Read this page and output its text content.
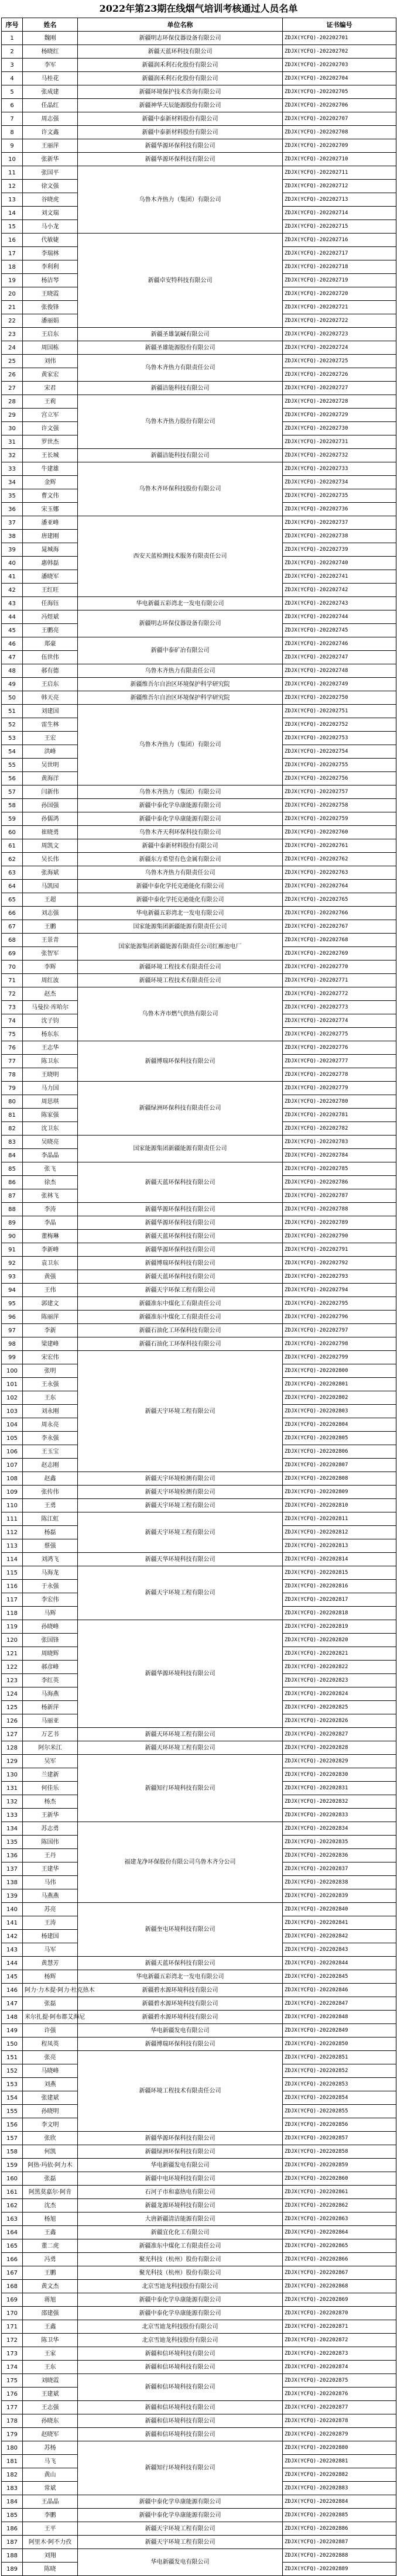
2022年第23期在线烟气培训考核通过人员名单
序号	姓名	单位名称	证书编号
1	魏刚	新疆明志环保仪器设备有限公司	ZDJX(YCFQ)-202202701
2	杨晓红	新疆天蓝环科技有限公司	ZDJX(YCFQ)-202202702
3	李军	新疆润禾利石化股份有限公司	ZDJX(YCFQ)-202202703
4	马桂花	新疆润禾利石化股份有限公司	ZDJX(YCFQ)-202202704
5	张成建	新疆环境保护技术咨询有限公司	ZDJX(YCFQ)-202202705
6	任晶红	新疆神华天辰能源股份有限公司	ZDJX(YCFQ)-202202706
7	周志强	新疆中泰新材料股份有限公司	ZDJX(YCFQ)-202202707
8	许文鑫	新疆中泰新材料股份有限公司	ZDJX(YCFQ)-202202708
9	王丽萍	新疆华源环保科技有限公司	ZDJX(YCFQ)-202202709
10	张新华	新疆华源环保科技有限公司	ZDJX(YCFQ)-202202710
11	张国平	乌鲁木齐热力（集团）有限公司	ZDJX(YCFQ)-202202711
12	徐文强		ZDJX(YCFQ)-202202712
13	谷晓虎		ZDJX(YCFQ)-202202713
14	刘文瑞		ZDJX(YCFQ)-202202714
15	马小龙		ZDJX(YCFQ)-202202715
16	代敏婕	新疆卓安特科技有限公司	ZDJX(YCFQ)-202202716
17	李瑞林		ZDJX(YCFQ)-202202717
18	李利利		ZDJX(YCFQ)-202202718
19	杨洁琴		ZDJX(YCFQ)-202202719
20	王晓霞		ZDJX(YCFQ)-202202720
21	张俊锋		ZDJX(YCFQ)-202202721
22	潘丽娟		ZDJX(YCFQ)-202202722
23	王启东	新疆圣雄氯碱有限公司	ZDJX(YCFQ)-202202723
24	周国栋	新疆圣雄能源股份有限公司	ZDJX(YCFQ)-202202724
25	刘伟	乌鲁木齐热力有限责任公司	ZDJX(YCFQ)-202202725
26	黄家宏		ZDJX(YCFQ)-202202726
27	宋君	新疆洁能科技有限公司	ZDJX(YCFQ)-202202727
28	王莉	乌鲁木齐热力股份有限公司	ZDJX(YCFQ)-202202728
29	宫立军		ZDJX(YCFQ)-202202729
30	许文强		ZDJX(YCFQ)-202202730
31	罗世杰		ZDJX(YCFQ)-202202731
32	王长城	新疆洁能科技有限公司	ZDJX(YCFQ)-202202732
33	牛建雄	乌鲁木齐环保科技股份有限公司	ZDJX(YCFQ)-202202733
34	金辉		ZDJX(YCFQ)-202202734
35	曹文伟		ZDJX(YCFQ)-202202735
36	宋玉娜		ZDJX(YCFQ)-202202736
37	潘亚峰	西安天蓝检测技术服务有限责任公司	ZDJX(YCFQ)-202202737
38	唐建刚		ZDJX(YCFQ)-202202738
39	晁城海		ZDJX(YCFQ)-202202739
40	惠韩磊		ZDJX(YCFQ)-202202740
41	潘晓军		ZDJX(YCFQ)-202202741
42	王红旺		ZDJX(YCFQ)-202202742
43	任海钰	华电新疆五彩湾北一发电有限公司	ZDJX(YCFQ)-202202743
44	冯煜斌	新疆明志环保仪器设备有限公司	ZDJX(YCFQ)-202202744
45	王鹏亮		ZDJX(YCFQ)-202202745
46	郑豪	新疆中泰矿冶有限公司	ZDJX(YCFQ)-202202746
47	伍世伟		ZDJX(YCFQ)-202202747
48	郝有德	乌鲁木齐热力有限责任公司	ZDJX(YCFQ)-202202748
49	王启东	新疆维吾尔自治区环境保护科学研究院	ZDJX(YCFQ)-202202749
50	韩天亮	新疆维吾尔自治区环境保护科学研究院	ZDJX(YCFQ)-202202750
51	刘建国	乌鲁木齐热力（集团）有限公司	ZDJX(YCFQ)-202202751
52	雷生林		ZDJX(YCFQ)-202202752
53	王宏		ZDJX(YCFQ)-202202753
54	洪峰		ZDJX(YCFQ)-202202754
55	吴世明		ZDJX(YCFQ)-202202755
56	黄海洋		ZDJX(YCFQ)-202202756
57	闫新伟	乌鲁木齐热力（集团）有限公司	ZDJX(YCFQ)-202202757
58	孙国强	新疆中泰化学阜康能源有限公司	ZDJX(YCFQ)-202202758
59	孙儒鸿	新疆中泰化学阜康能源有限公司	ZDJX(YCFQ)-202202759
60	崔晓勇	乌鲁木齐天利环保科技有限公司	ZDJX(YCFQ)-202202760
61	周凯文	新疆中泰新材料股份有限公司	ZDJX(YCFQ)-202202761
62	吴长伟	新疆东方希望有色金属有限公司	ZDJX(YCFQ)-202202762
63	张海斌	乌鲁木齐热力有限责任公司	ZDJX(YCFQ)-202202763
64	马凯园	新疆中泰化学托克逊能化有限公司	ZDJX(YCFQ)-202202764
65	王超	新疆中泰化学托克逊能化有限公司	ZDJX(YCFQ)-202202765
66	刘志强	华电新疆五彩湾北一发电有限公司	ZDJX(YCFQ)-202202766
67	王鹏	国家能源集团新疆能源有限责任公司	ZDJX(YCFQ)-202202767
68	王景青	国家能源集团新疆能源有限责任公司红雁池电厂	ZDJX(YCFQ)-202202768
69	张智军		ZDJX(YCFQ)-202202769
70	李辉	新疆环境工程技术有限责任公司	ZDJX(YCFQ)-202202770
71	周红波	新疆环境工程技术有限责任公司	ZDJX(YCFQ)-202202771
72	赵杰	乌鲁木齐市燃气供热有限公司	ZDJX(YCFQ)-202202772
73	马曼拉·库哈尔		ZDJX(YCFQ)-202202773
74	沈子钧		ZDJX(YCFQ)-202202774
75	杨东东		ZDJX(YCFQ)-202202775
76	王志华	新疆博瑞环保科技有限公司	ZDJX(YCFQ)-202202776
77	陈卫东		ZDJX(YCFQ)-202202777
78	王晓明		ZDJX(YCFQ)-202202778
79	马力国	新疆绿洲环保科技有限责任公司	ZDJX(YCFQ)-202202779
80	周思琪		ZDJX(YCFQ)-202202780
81	陈家强		ZDJX(YCFQ)-202202781
82	沈卫东		ZDJX(YCFQ)-202202782
83	吴晓亮	国家能源集团新疆能源有限责任公司	ZDJX(YCFQ)-202202783
84	李晶晶		ZDJX(YCFQ)-202202784
85	张飞	新疆天蓝环保科技有限公司	ZDJX(YCFQ)-202202785
86	徐杰		ZDJX(YCFQ)-202202786
87	张林飞		ZDJX(YCFQ)-202202787
88	李涛	新疆华源环保科技有限公司	ZDJX(YCFQ)-202202788
89	李晶	新疆华源环保科技有限公司	ZDJX(YCFQ)-202202789
90	董梅琳	新疆天蓝环保科技有限公司	ZDJX(YCFQ)-202202790
91	李新峰	新疆华源环保科技有限公司	ZDJX(YCFQ)-202202791
92	袁卫东	新疆博瑞环保科技有限公司	ZDJX(YCFQ)-202202792
93	黄强	新疆天蓝环保科技有限公司	ZDJX(YCFQ)-202202793
94	王伟	新疆天宇环保工程有限公司	ZDJX(YCFQ)-202202794
95	郭建文	新疆准东中煤化工有限责任公司	ZDJX(YCFQ)-202202795
96	陈丽萍	新疆准东中煤化工有限责任公司	ZDJX(YCFQ)-202202796
97	李新	新疆石油化工环保科技有限公司	ZDJX(YCFQ)-202202797
98	梁建峰	新疆石油化工环保科技有限公司	ZDJX(YCFQ)-202202798
99	宋宏伟	新疆天宇环境工程有限公司	ZDJX(YCFQ)-202202799
100	张明		ZDJX(YCFQ)-202202800
101	王永强		ZDJX(YCFQ)-202202801
102	王东		ZDJX(YCFQ)-202202802
103	刘永刚		ZDJX(YCFQ)-202202803
104	周永亮		ZDJX(YCFQ)-202202804
105	李永强		ZDJX(YCFQ)-202202805
106	王玉宝		ZDJX(YCFQ)-202202806
107	赵志刚		ZDJX(YCFQ)-202202807
108	赵鑫	新疆天宇环境检测有限公司	ZDJX(YCFQ)-202202808
109	张传伟	新疆天宇环境检测有限公司	ZDJX(YCFQ)-202202809
110	王勇	新疆天宇环境工程有限公司	ZDJX(YCFQ)-202202810
111	陈江虹	新疆天宇环境工程有限公司	ZDJX(YCFQ)-202202811
112	杨磊		ZDJX(YCFQ)-202202812
113	蔡强		ZDJX(YCFQ)-202202813
114	刘鸿飞	新疆天华环境科技有限公司	ZDJX(YCFQ)-202202814
115	马海龙	新疆天宇环境工程有限公司	ZDJX(YCFQ)-202202815
116	于永强		ZDJX(YCFQ)-202202816
117	李宏伟		ZDJX(YCFQ)-202202817
118	马辉		ZDJX(YCFQ)-202202818
119	孙晓峰	新疆华源环境科技有限公司	ZDJX(YCFQ)-202202819
120	张国锋		ZDJX(YCFQ)-202202820
121	周晓辉		ZDJX(YCFQ)-202202821
122	郝彦峰		ZDJX(YCFQ)-202202822
123	李红英		ZDJX(YCFQ)-202202823
124	马海燕		ZDJX(YCFQ)-202202824
125	杨新萍		ZDJX(YCFQ)-202202825
126	马丽亚		ZDJX(YCFQ)-202202826
127	万艺书	新疆天环环境工程有限公司	ZDJX(YCFQ)-202202827
128	阿尔米江	新疆天环环境工程有限公司	ZDJX(YCFQ)-202202828
129	吴军	新疆知行环境科技有限公司	ZDJX(YCFQ)-202202829
130	兰建新		ZDJX(YCFQ)-202202830
131	何佳乐		ZDJX(YCFQ)-202202831
132	杨杰		ZDJX(YCFQ)-202202832
133	王新华		ZDJX(YCFQ)-202202833
134	苏志勇	福建龙净环保股份有限公司乌鲁木齐分公司	ZDJX(YCFQ)-202202834
135	陈国伟		ZDJX(YCFQ)-202202835
136	王丹		ZDJX(YCFQ)-202202836
137	王建华		ZDJX(YCFQ)-202202837
138	马伟		ZDJX(YCFQ)-202202838
139	马燕燕		ZDJX(YCFQ)-202202839
140	苏亮	新疆奎屯环境科技有限公司	ZDJX(YCFQ)-202202840
141	王涛		ZDJX(YCFQ)-202202841
142	杨建国		ZDJX(YCFQ)-202202842
143	马军		ZDJX(YCFQ)-202202843
144	黄慧芳	新疆天蓝环保科技有限公司	ZDJX(YCFQ)-202202844
145	杨辉	华电新疆五彩湾北一发电有限公司	ZDJX(YCFQ)-202202845
146	阿力·力木提·阿力·杜克热木	新疆碧水源环境科技有限公司	ZDJX(YCFQ)-202202846
147	张磊	新疆碧水源环境科技有限公司	ZDJX(YCFQ)-202202847
148	米尔扎提·阿布都艾海尼	新疆碧水源环境科技有限公司	ZDJX(YCFQ)-202202848
149	许强	华电新疆发电有限公司	ZDJX(YCFQ)-202202849
150	程凤英	新疆博瑞环保科技有限公司	ZDJX(YCFQ)-202202850
151	张亮	新疆环境工程技术有限责任公司	ZDJX(YCFQ)-202202851
152	马晓峰		ZDJX(YCFQ)-202202852
153	刘燕		ZDJX(YCFQ)-202202853
154	张建斌		ZDJX(YCFQ)-202202854
155	孙晓明		ZDJX(YCFQ)-202202855
156	李文明		ZDJX(YCFQ)-202202856
157	张欣	新疆华源环保科技有限公司	ZDJX(YCFQ)-202202857
158	何凯	新疆绿洲环保科技有限公司	ZDJX(YCFQ)-202202858
159	阿热·玛依·阿力木	华电新疆发电有限公司	ZDJX(YCFQ)-202202859
160	张磊	新疆中电环境科技有限公司	ZDJX(YCFQ)-202202860
161	阿黑莫嘉尔·阿肯	石河子市和嘉热电有限公司	ZDJX(YCFQ)-202202861
162	沈杰	新疆龙源环境科技有限公司	ZDJX(YCFQ)-202202862
163	杨旭	大唐新疆清洁能源有限公司	ZDJX(YCFQ)-202202863
164	王鑫	新疆宜化化工有限公司	ZDJX(YCFQ)-202202864
165	董二虎	新疆准东中煤化工有限责任公司	ZDJX(YCFQ)-202202865
166	冯勇	聚光科技（杭州）股份有限公司	ZDJX(YCFQ)-202202866
167	王鹏	聚光科技（杭州）股份有限公司	ZDJX(YCFQ)-202202867
168	黄文杰	北京雪迪龙科技股份有限公司	ZDJX(YCFQ)-202202868
169	蒋旭	新疆中泰化学阜康能源有限公司	ZDJX(YCFQ)-202202869
170	邵建强	新疆中泰化学阜康能源有限公司	ZDJX(YCFQ)-202202870
171	王鑫	北京雪迪龙科技股份有限公司	ZDJX(YCFQ)-202202871
172	陈卫华	北京雪迪龙科技股份有限公司	ZDJX(YCFQ)-202202872
173	王家	新疆和信环境科技有限公司	ZDJX(YCFQ)-202202873
174	王东	新疆和信环境科技有限公司	ZDJX(YCFQ)-202202874
175	刘晓霞	新疆和信环境科技有限公司	ZDJX(YCFQ)-202202875
176	王建斌		ZDJX(YCFQ)-202202876
177	王志强	新疆和信环境科技有限公司	ZDJX(YCFQ)-202202877
178	孙晓东	新疆和信环境科技有限公司	ZDJX(YCFQ)-202202878
179	赵晓军	新疆和信环境科技有限公司	ZDJX(YCFQ)-202202879
180	苏杨	新疆知行环境科技有限公司	ZDJX(YCFQ)-202202880
181	马飞		ZDJX(YCFQ)-202202881
182	黄山		ZDJX(YCFQ)-202202882
183	常斌		ZDJX(YCFQ)-202202883
184	王晶晶	新疆中泰化学阜康能源有限公司	ZDJX(YCFQ)-202202884
185	李鹏	新疆中泰化学阜康能源有限公司	ZDJX(YCFQ)-202202885
186	王平	新疆天宇环境工程有限公司	ZDJX(YCFQ)-202202886
187	阿里木·阿不力孜	新疆天宇环境工程有限公司	ZDJX(YCFQ)-202202887
188	刘翔	华电新疆发电有限公司	ZDJX(YCFQ)-202202888
189	陈晓		ZDJX(YCFQ)-202202889
